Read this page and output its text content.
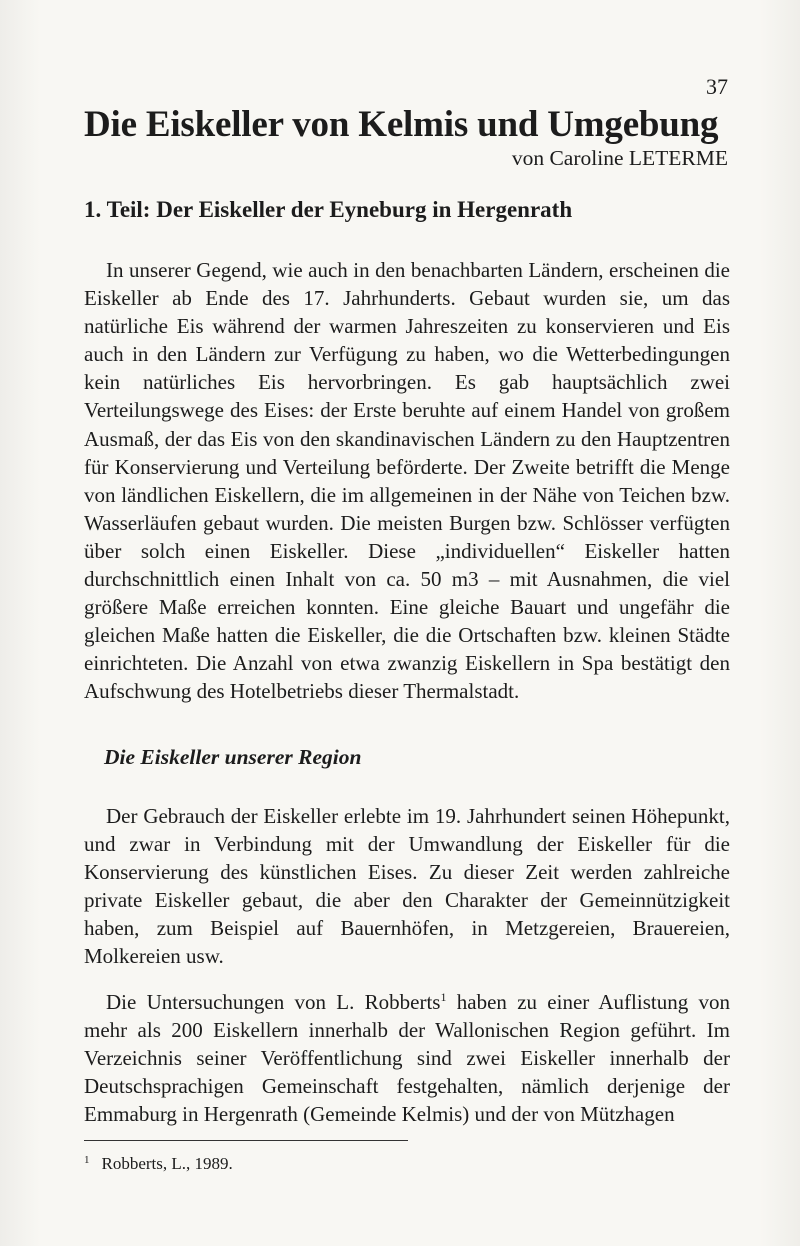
37
Die Eiskeller von Kelmis und Umgebung
von Caroline LETERME
1. Teil: Der Eiskeller der Eyneburg in Hergenrath

In unserer Gegend, wie auch in den benachbarten Ländern, erscheinen die Eiskeller ab Ende des 17. Jahrhunderts. Gebaut wurden sie, um das natürliche Eis während der warmen Jahreszeiten zu konservieren und Eis auch in den Ländern zur Verfügung zu haben, wo die Wetterbedingungen kein natürliches Eis hervorbringen. Es gab hauptsächlich zwei Verteilungswege des Eises: der Erste beruhte auf einem Handel von großem Ausmaß, der das Eis von den skandinavischen Ländern zu den Hauptzentren für Konservierung und Verteilung beförderte. Der Zweite betrifft die Menge von ländlichen Eiskellern, die im allgemeinen in der Nähe von Teichen bzw. Wasserläufen gebaut wurden. Die meisten Burgen bzw. Schlösser verfügten über solch einen Eiskeller. Diese „individuellen“ Eiskeller hatten durchschnittlich einen Inhalt von ca. 50 m3 – mit Ausnahmen, die viel größere Maße erreichen konnten. Eine gleiche Bauart und ungefähr die gleichen Maße hatten die Eiskeller, die die Ortschaften bzw. kleinen Städte einrichteten. Die Anzahl von etwa zwanzig Eiskellern in Spa bestätigt den Aufschwung des Hotelbetriebs dieser Thermalstadt.

Die Eiskeller unserer Region

Der Gebrauch der Eiskeller erlebte im 19. Jahrhundert seinen Höhepunkt, und zwar in Verbindung mit der Umwandlung der Eiskeller für die Konservierung des künstlichen Eises. Zu dieser Zeit werden zahlreiche private Eiskeller gebaut, die aber den Charakter der Gemeinnützigkeit haben, zum Beispiel auf Bauernhöfen, in Metzgereien, Brauereien, Molkereien usw.

Die Untersuchungen von L. Robberts$^1$ haben zu einer Auflistung von mehr als 200 Eiskellern innerhalb der Wallonischen Region geführt. Im Verzeichnis seiner Veröffentlichung sind zwei Eiskeller innerhalb der Deutschsprachigen Gemeinschaft festgehalten, nämlich derjenige der Emmaburg in Hergenrath (Gemeinde Kelmis) und der von Mützhagen

$^1$ Robberts, L., 1989.
